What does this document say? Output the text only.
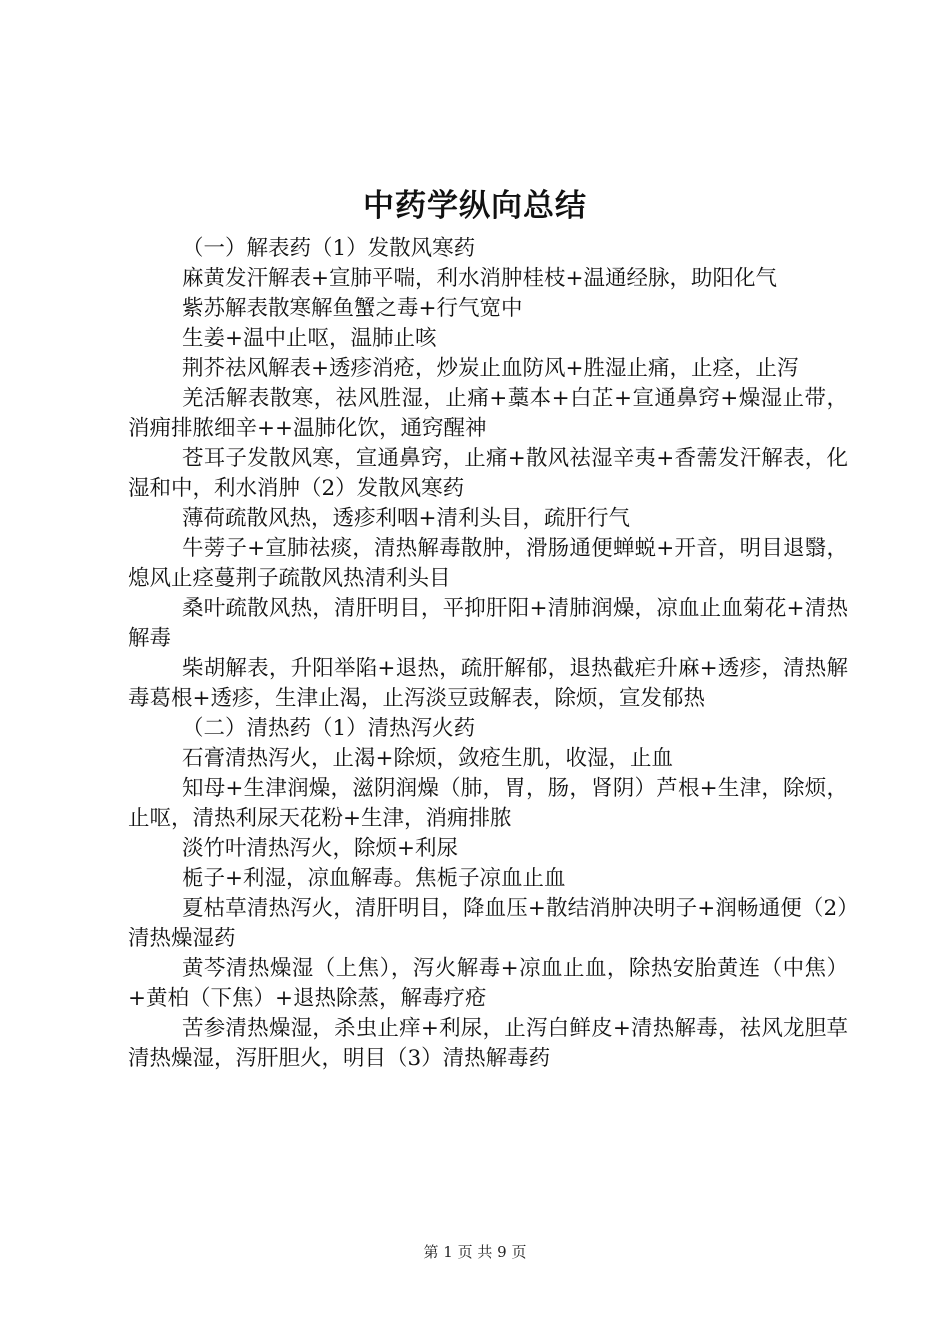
中药学纵向总结

（一）解表药（1）发散风寒药

麻黄发汗解表+宣肺平喘，利水消肿桂枝+温通经脉，助阳化气

紫苏解表散寒解鱼蟹之毒+行气宽中

生姜+温中止呕，温肺止咳

荆芥祛风解表+透疹消疮，炒炭止血防风+胜湿止痛，止痉，止泻

羌活解表散寒，祛风胜湿，止痛+藁本+白芷+宣通鼻窍+燥湿止带，消痈排脓细辛++温肺化饮，通窍醒神

苍耳子发散风寒，宣通鼻窍，止痛+散风祛湿辛夷+香薷发汗解表，化湿和中，利水消肿（2）发散风寒药

薄荷疏散风热，透疹利咽+清利头目，疏肝行气

牛蒡子+宣肺祛痰，清热解毒散肿，滑肠通便蝉蜕+开音，明目退翳，熄风止痉蔓荆子疏散风热清利头目

桑叶疏散风热，清肝明目，平抑肝阳+清肺润燥，凉血止血菊花+清热解毒

柴胡解表，升阳举陷+退热，疏肝解郁，退热截疟升麻+透疹，清热解毒葛根+透疹，生津止渴，止泻淡豆豉解表，除烦，宣发郁热

（二）清热药（1）清热泻火药

石膏清热泻火，止渴+除烦，敛疮生肌，收湿，止血

知母+生津润燥，滋阴润燥（肺，胃，肠，肾阴）芦根+生津，除烦，止呕，清热利尿天花粉+生津，消痈排脓

淡竹叶清热泻火，除烦+利尿

栀子+利湿，凉血解毒。焦栀子凉血止血

夏枯草清热泻火，清肝明目，降血压+散结消肿决明子+润畅通便（2）清热燥湿药

黄芩清热燥湿（上焦），泻火解毒+凉血止血，除热安胎黄连（中焦）+黄柏（下焦）+退热除蒸，解毒疗疮

苦参清热燥湿，杀虫止痒+利尿，止泻白鲜皮+清热解毒，祛风龙胆草清热燥湿，泻肝胆火，明目（3）清热解毒药

第 1 页 共 9 页
